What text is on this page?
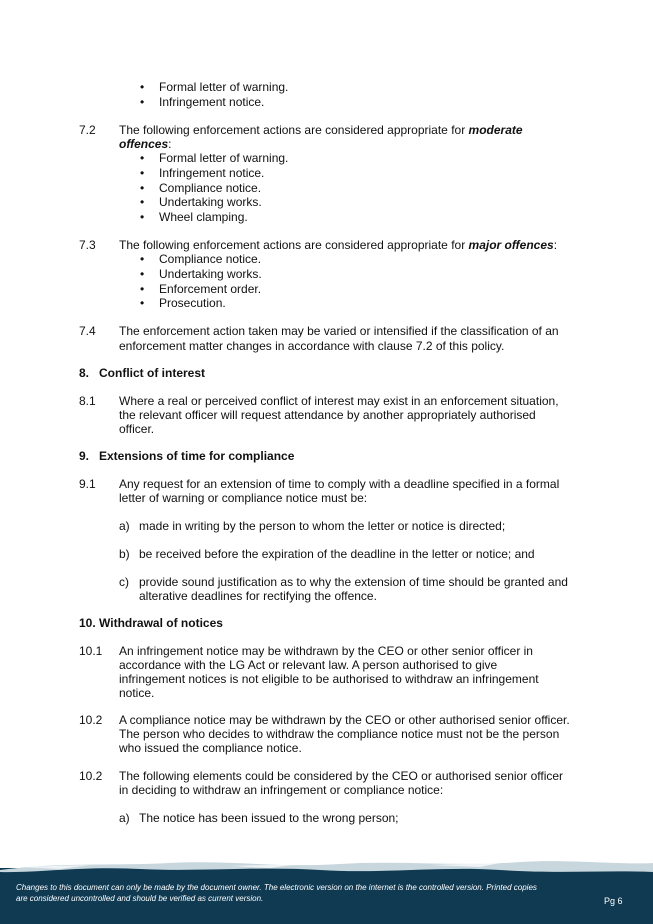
• Formal letter of warning.
• Infringement notice.
7.2 The following enforcement actions are considered appropriate for moderate
offences:
• Formal letter of warning.
• Infringement notice.
• Compliance notice.
• Undertaking works.
• Wheel clamping.
7.3 The following enforcement actions are considered appropriate for major offences:
• Compliance notice.
• Undertaking works.
• Enforcement order.
• Prosecution.
7.4 The enforcement action taken may be varied or intensified if the classification of an
enforcement matter changes in accordance with clause 7.2 of this policy.
8. Conflict of interest
8.1 Where a real or perceived conflict of interest may exist in an enforcement situation,
the relevant officer will request attendance by another appropriately authorised
officer.
9. Extensions of time for compliance
9.1 Any request for an extension of time to comply with a deadline specified in a formal
letter of warning or compliance notice must be:
a) made in writing by the person to whom the letter or notice is directed;
b) be received before the expiration of the deadline in the letter or notice; and
c) provide sound justification as to why the extension of time should be granted and
alterative deadlines for rectifying the offence.
10. Withdrawal of notices
10.1 An infringement notice may be withdrawn by the CEO or other senior officer in
accordance with the LG Act or relevant law. A person authorised to give
infringement notices is not eligible to be authorised to withdraw an infringement
notice.
10.2 A compliance notice may be withdrawn by the CEO or other authorised senior officer.
The person who decides to withdraw the compliance notice must not be the person
who issued the compliance notice.
10.2 The following elements could be considered by the CEO or authorised senior officer
in deciding to withdraw an infringement or compliance notice:
a) The notice has been issued to the wrong person;
Changes to this document can only be made by the document owner. The electronic version on the internet is the controlled version. Printed copies
are considered uncontrolled and should be verified as current version.	Pg 6
